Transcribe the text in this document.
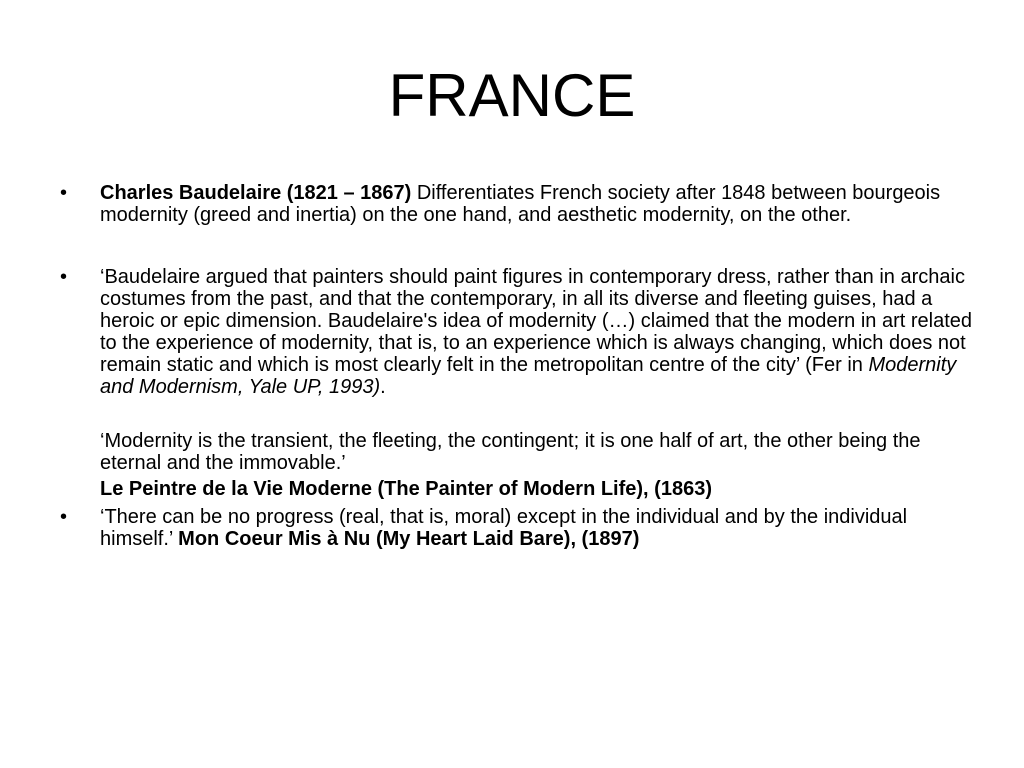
FRANCE
•	Charles Baudelaire (1821 – 1867) Differentiates French society after 1848 between bourgeois modernity (greed and inertia) on the one hand, and aesthetic modernity, on the other.
•	‘Baudelaire argued that painters should paint figures in contemporary dress, rather than in archaic costumes from the past, and that the contemporary, in all its diverse and fleeting guises, had a heroic or epic dimension. Baudelaire's idea of modernity (…) claimed that the modern in art related to the experience of modernity, that is, to an experience which is always changing, which does not remain static and which is most clearly felt in the metropolitan centre of the city’ (Fer in Modernity and Modernism, Yale UP, 1993).
‘Modernity is the transient, the fleeting, the contingent; it is one half of art, the other being the eternal and the immovable.’
Le Peintre de la Vie Moderne (The Painter of Modern Life), (1863)
•	‘There can be no progress (real, that is, moral) except in the individual and by the individual himself.’ Mon Coeur Mis à Nu (My Heart Laid Bare), (1897)
